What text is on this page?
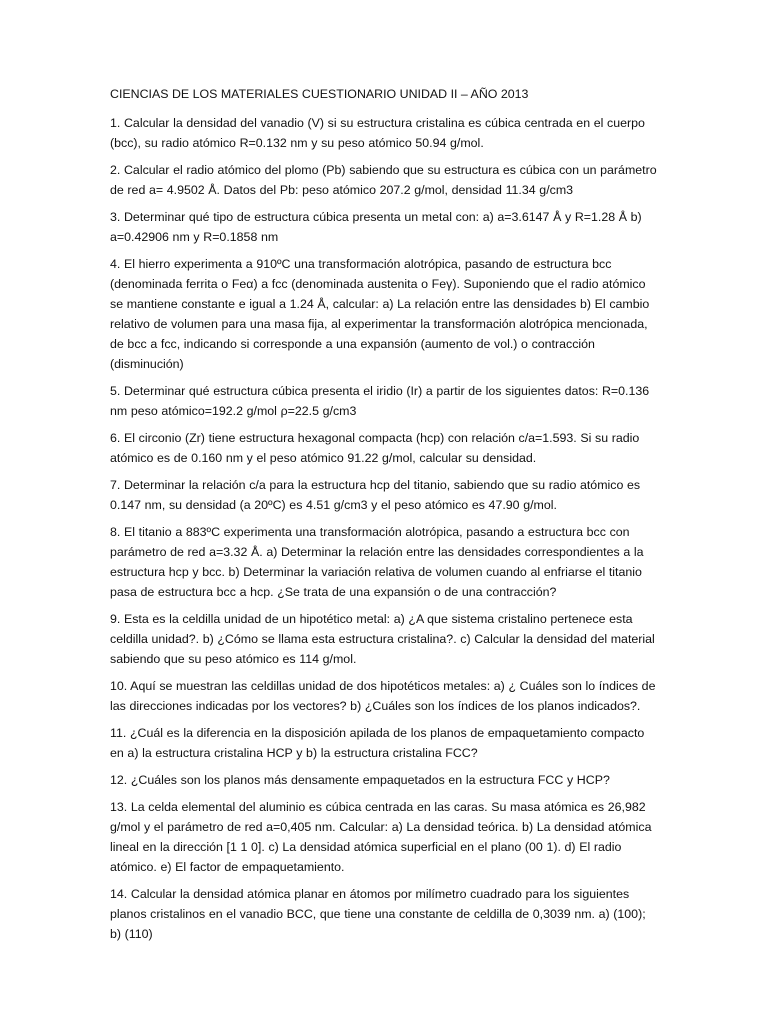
CIENCIAS DE LOS MATERIALES CUESTIONARIO UNIDAD II – AÑO 2013

1. Calcular la densidad del vanadio (V) si su estructura cristalina es cúbica centrada en el cuerpo (bcc), su radio atómico R=0.132 nm y su peso atómico 50.94 g/mol.

2. Calcular el radio atómico del plomo (Pb) sabiendo que su estructura es cúbica con un parámetro de red a= 4.9502 Å. Datos del Pb: peso atómico 207.2 g/mol, densidad 11.34 g/cm3

3. Determinar qué tipo de estructura cúbica presenta un metal con: a) a=3.6147 Å y R=1.28 Å b) a=0.42906 nm y R=0.1858 nm

4. El hierro experimenta a 910ºC una transformación alotrópica, pasando de estructura bcc (denominada ferrita o Feα) a fcc (denominada austenita o Feγ). Suponiendo que el radio atómico se mantiene constante e igual a 1.24 Å, calcular: a) La relación entre las densidades b) El cambio relativo de volumen para una masa fija, al experimentar la transformación alotrópica mencionada, de bcc a fcc, indicando si corresponde a una expansión (aumento de vol.) o contracción (disminución)

5. Determinar qué estructura cúbica presenta el iridio (Ir) a partir de los siguientes datos: R=0.136 nm peso atómico=192.2 g/mol ρ=22.5 g/cm3

6. El circonio (Zr) tiene estructura hexagonal compacta (hcp) con relación c/a=1.593. Si su radio atómico es de 0.160 nm y el peso atómico 91.22 g/mol, calcular su densidad.

7. Determinar la relación c/a para la estructura hcp del titanio, sabiendo que su radio atómico es 0.147 nm, su densidad (a 20ºC) es 4.51 g/cm3 y el peso atómico es 47.90 g/mol.

8. El titanio a 883ºC experimenta una transformación alotrópica, pasando a estructura bcc con parámetro de red a=3.32 Å. a) Determinar la relación entre las densidades correspondientes a la estructura hcp y bcc. b) Determinar la variación relativa de volumen cuando al enfriarse el titanio pasa de estructura bcc a hcp. ¿Se trata de una expansión o de una contracción?

9. Esta es la celdilla unidad de un hipotético metal: a) ¿A que sistema cristalino pertenece esta celdilla unidad?. b) ¿Cómo se llama esta estructura cristalina?. c) Calcular la densidad del material sabiendo que su peso atómico es 114 g/mol.

10. Aquí se muestran las celdillas unidad de dos hipotéticos metales: a) ¿ Cuáles son lo índices de las direcciones indicadas por los vectores? b) ¿Cuáles son los índices de los planos indicados?.

11. ¿Cuál es la diferencia en la disposición apilada de los planos de empaquetamiento compacto en a) la estructura cristalina HCP y b) la estructura cristalina FCC?

12. ¿Cuáles son los planos más densamente empaquetados en la estructura FCC y HCP?

13. La celda elemental del aluminio es cúbica centrada en las caras. Su masa atómica es 26,982 g/mol y el parámetro de red a=0,405 nm. Calcular: a) La densidad teórica. b) La densidad atómica lineal en la dirección [1 1 0]. c) La densidad atómica superficial en el plano (00 1). d) El radio atómico. e) El factor de empaquetamiento.

14. Calcular la densidad atómica planar en átomos por milímetro cuadrado para los siguientes planos cristalinos en el vanadio BCC, que tiene una constante de celdilla de 0,3039 nm. a) (100); b) (110)
